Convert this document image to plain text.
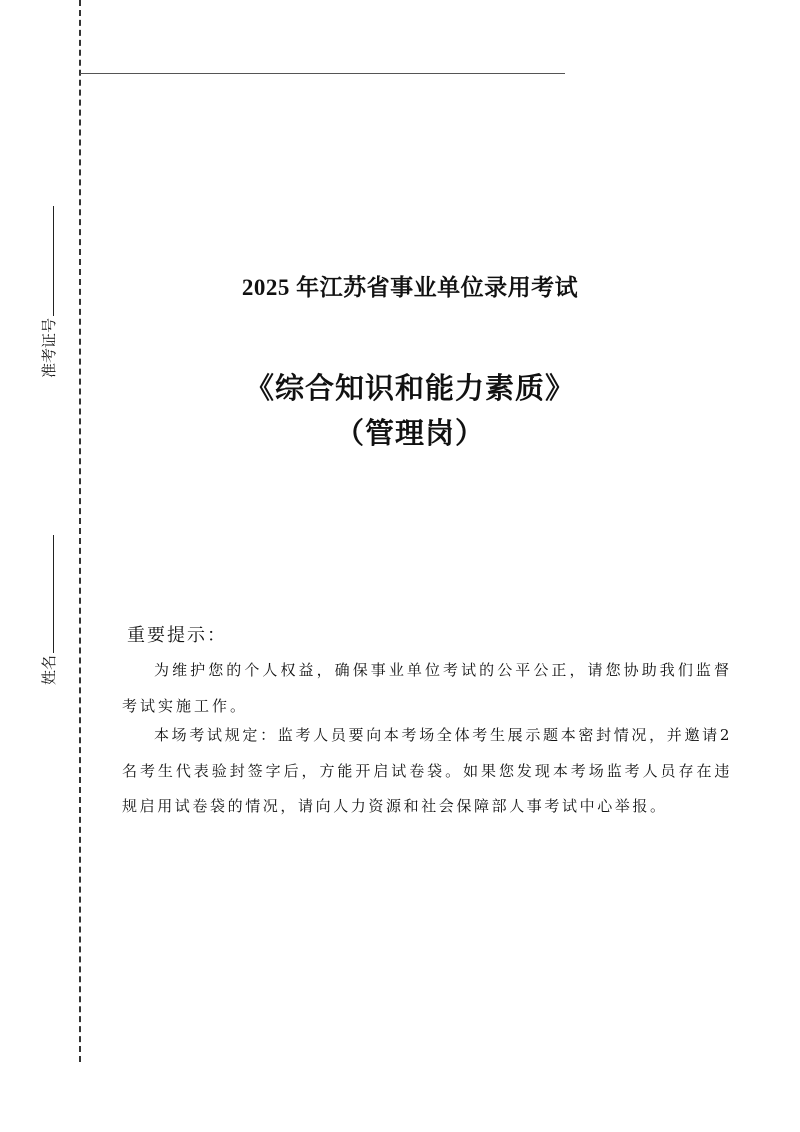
准考证号
姓名
2025 年江苏省事业单位录用考试
《综合知识和能力素质》
（管理岗）
重要提示：
为维护您的个人权益，确保事业单位考试的公平公正，请您协助我们监督考试实施工作。
本场考试规定：监考人员要向本考场全体考生展示题本密封情况，并邀请2名考生代表验封签字后，方能开启试卷袋。如果您发现本考场监考人员存在违规启用试卷袋的情况，请向人力资源和社会保障部人事考试中心举报。
